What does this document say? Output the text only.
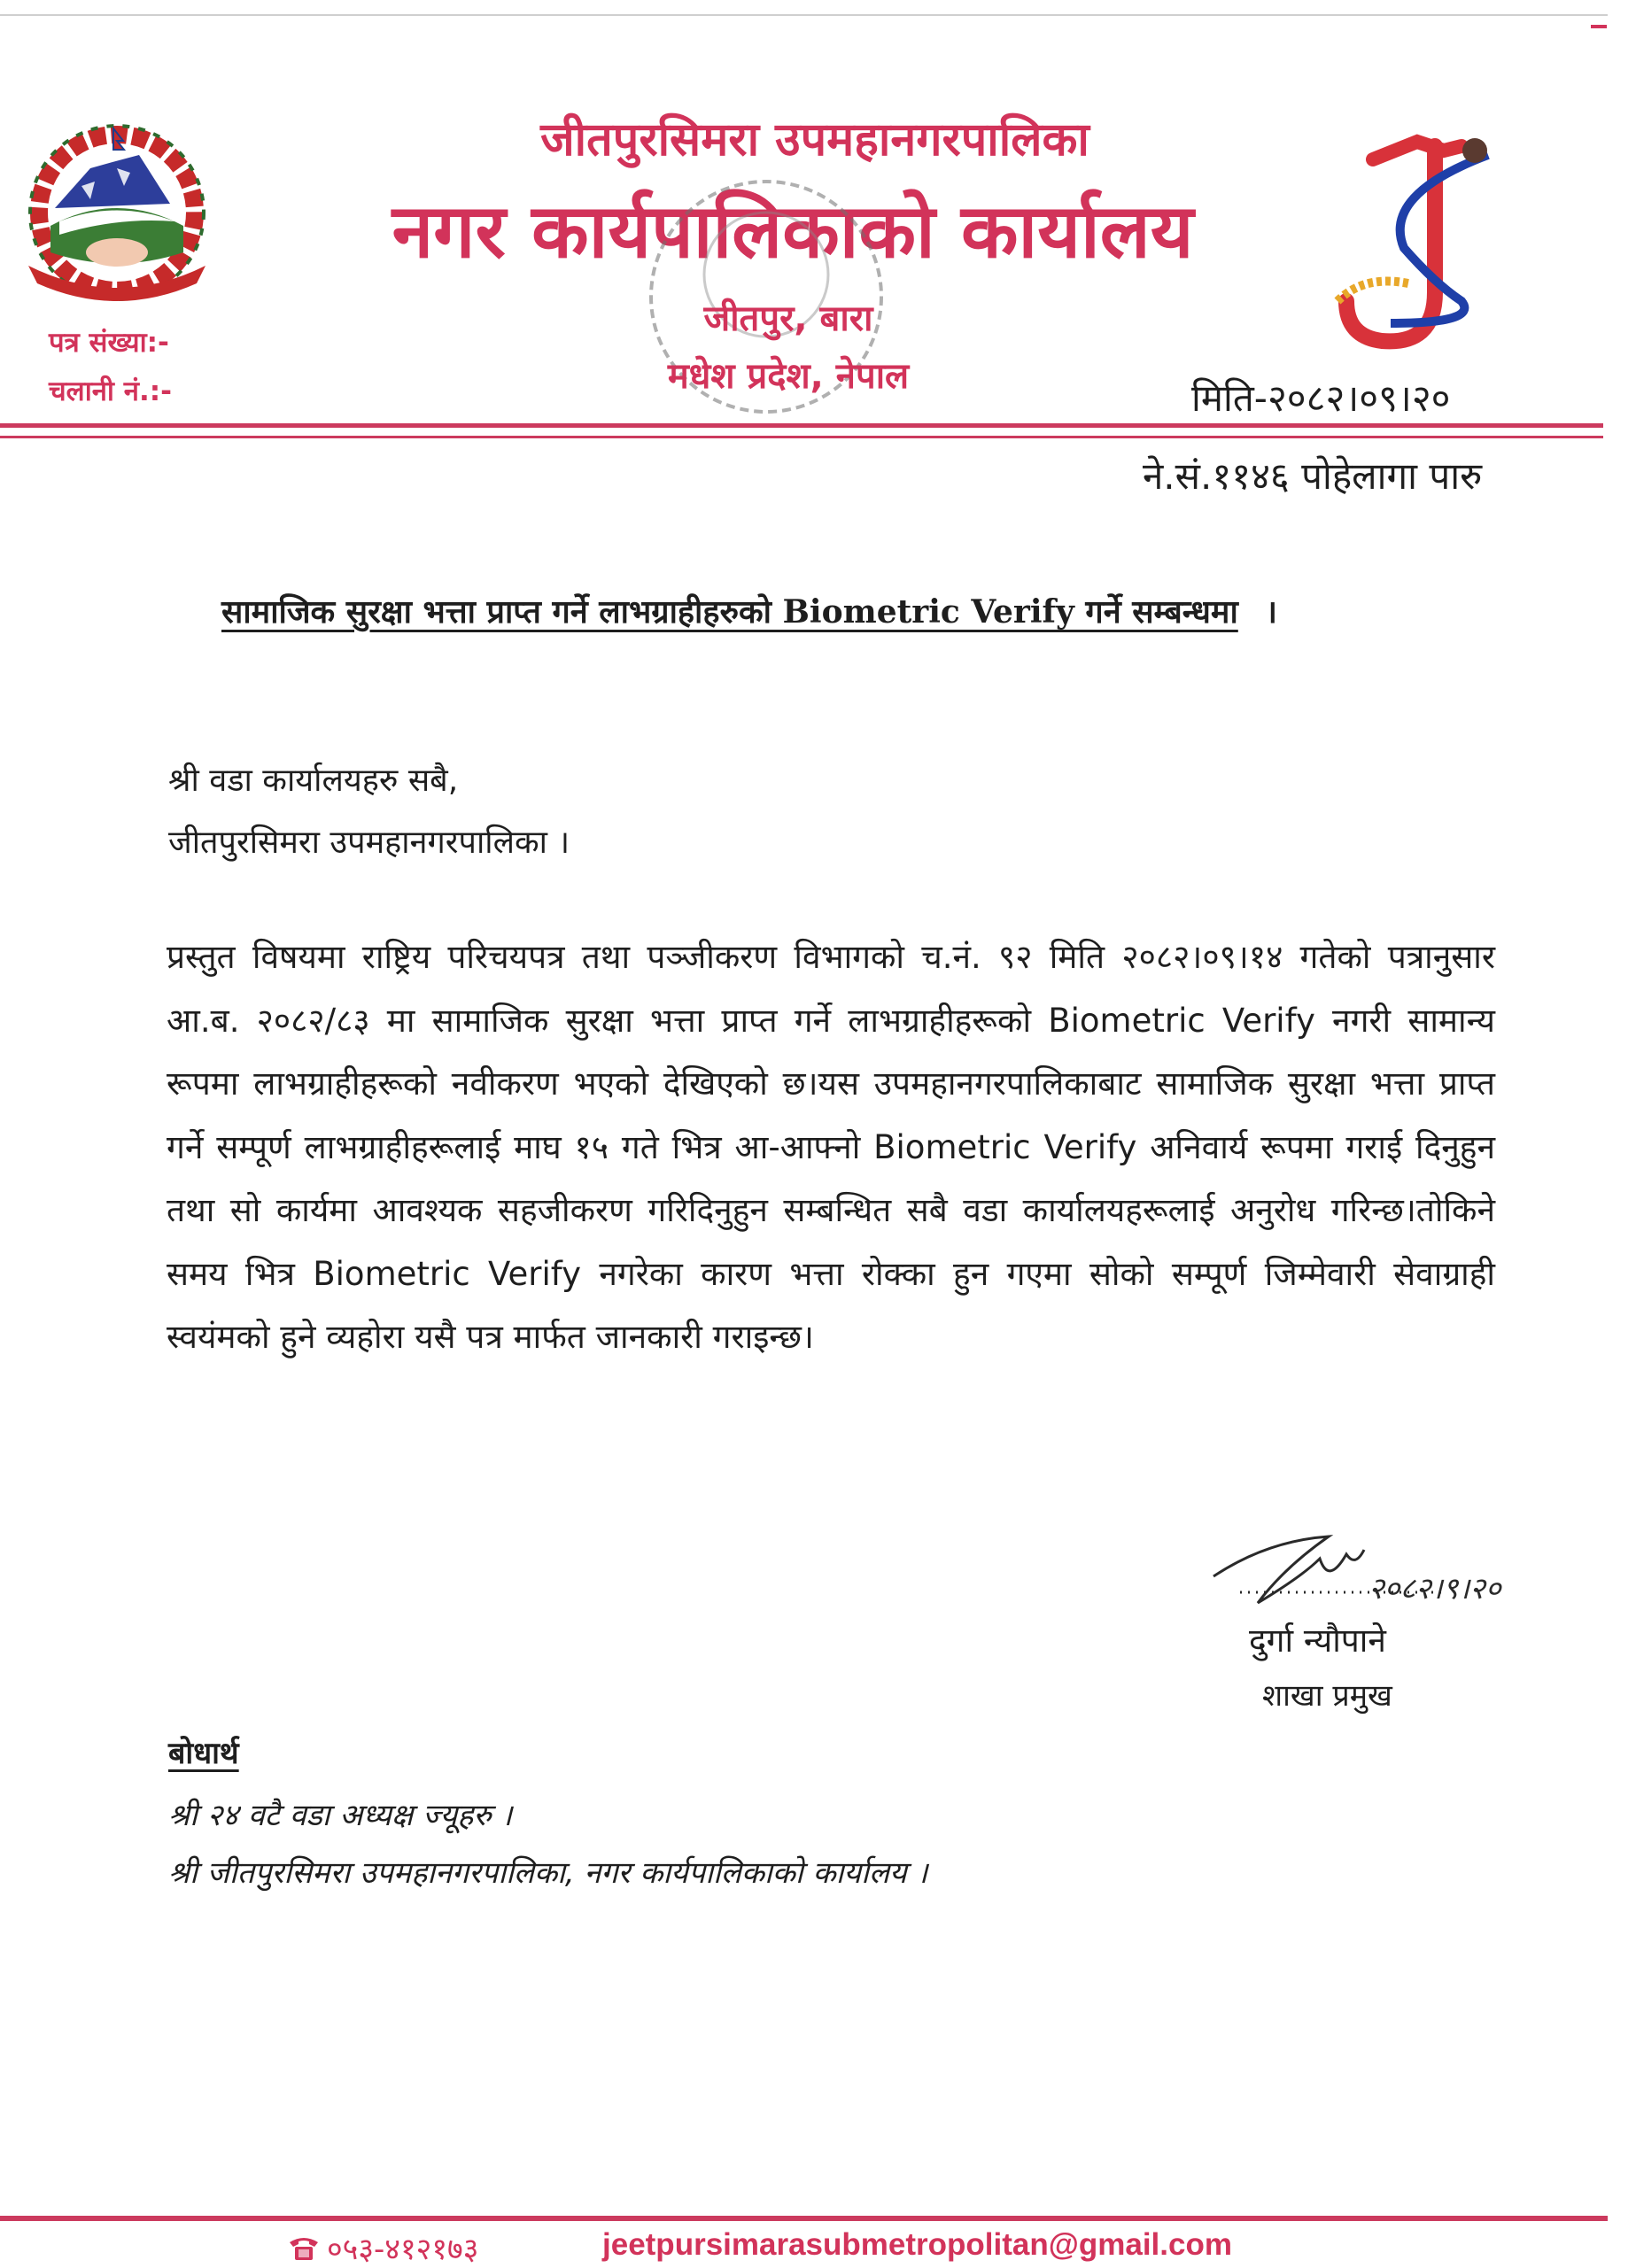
जीतपुरसिमरा उपमहानगरपालिका
नगर कार्यपालिकाको कार्यालय
जीतपुर, बारा
मधेश प्रदेश, नेपाल
पत्र संख्या:-
चलानी नं.:-	मिति-२०८२।०९।२०
ने.सं.११४६ पोहेलागा पारु
सामाजिक सुरक्षा भत्ता प्राप्त गर्ने लाभग्राहीहरुको Biometric Verify गर्ने सम्बन्धमा ।
श्री वडा कार्यालयहरु सबै,
जीतपुरसिमरा उपमहानगरपालिका ।
प्रस्तुत विषयमा राष्ट्रिय परिचयपत्र तथा पञ्जीकरण विभागको च.नं. ९२ मिति २०८२।०९।१४ गतेको पत्रानुसार आ.ब. २०८२/८३ मा सामाजिक सुरक्षा भत्ता प्राप्त गर्ने लाभग्राहीहरूको Biometric Verify नगरी सामान्य रूपमा लाभग्राहीहरूको नवीकरण भएको देखिएको छ।यस उपमहानगरपालिकाबाट सामाजिक सुरक्षा भत्ता प्राप्त गर्ने सम्पूर्ण लाभग्राहीहरूलाई माघ १५ गते भित्र आ-आफ्नो Biometric Verify अनिवार्य रूपमा गराई दिनुहुन तथा सो कार्यमा आवश्यक सहजीकरण गरिदिनुहुन सम्बन्धित सबै वडा कार्यालयहरूलाई अनुरोध गरिन्छ।तोकिने समय भित्र Biometric Verify नगरेका कारण भत्ता रोक्का हुन गएमा सोको सम्पूर्ण जिम्मेवारी सेवाग्राही स्वयंमको हुने व्यहोरा यसै पत्र मार्फत जानकारी गराइन्छ।
२०८२।९।२०
दुर्गा न्यौपाने
शाखा प्रमुख
बोधार्थ
श्री २४ वटै वडा अध्यक्ष ज्यूहरु ।
श्री जीतपुरसिमरा उपमहानगरपालिका, नगर कार्यपालिकाको कार्यालय ।
०५३-४१२१७३	jeetpursimarasubmetropolitan@gmail.com
